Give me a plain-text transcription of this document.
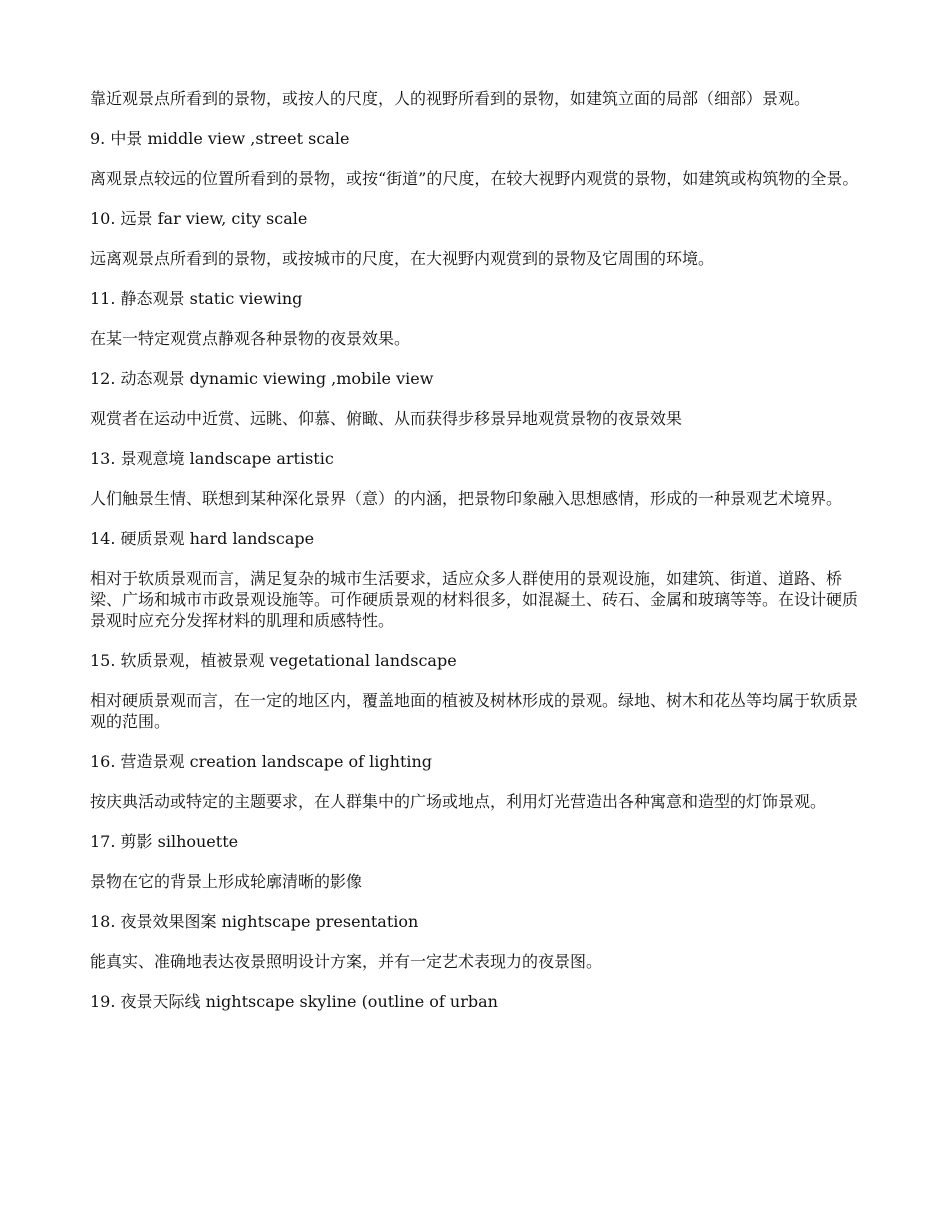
靠近观景点所看到的景物，或按人的尺度，人的视野所看到的景物，如建筑立面的局部（细部）景观。

9. 中景 middle view ,street scale

离观景点较远的位置所看到的景物，或按“街道”的尺度，在较大视野内观赏的景物，如建筑或构筑物的全景。

10. 远景 far view, city scale

远离观景点所看到的景物，或按城市的尺度，在大视野内观赏到的景物及它周围的环境。

11. 静态观景 static viewing

在某一特定观赏点静观各种景物的夜景效果。

12. 动态观景 dynamic viewing ,mobile view

观赏者在运动中近赏、远眺、仰慕、俯瞰、从而获得步移景异地观赏景物的夜景效果

13. 景观意境 landscape artistic

人们触景生情、联想到某种深化景界（意）的内涵，把景物印象融入思想感情，形成的一种景观艺术境界。

14. 硬质景观 hard landscape

相对于软质景观而言，满足复杂的城市生活要求，适应众多人群使用的景观设施，如建筑、街道、道路、桥梁、广场和城市市政景观设施等。可作硬质景观的材料很多，如混凝土、砖石、金属和玻璃等等。在设计硬质景观时应充分发挥材料的肌理和质感特性。

15. 软质景观，植被景观 vegetational landscape

相对硬质景观而言，在一定的地区内，覆盖地面的植被及树林形成的景观。绿地、树木和花丛等均属于软质景观的范围。

16. 营造景观 creation landscape of lighting

按庆典活动或特定的主题要求，在人群集中的广场或地点，利用灯光营造出各种寓意和造型的灯饰景观。

17. 剪影 silhouette

景物在它的背景上形成轮廓清晰的影像

18. 夜景效果图案 nightscape presentation

能真实、准确地表达夜景照明设计方案，并有一定艺术表现力的夜景图。

19. 夜景天际线 nightscape skyline (outline of urban
